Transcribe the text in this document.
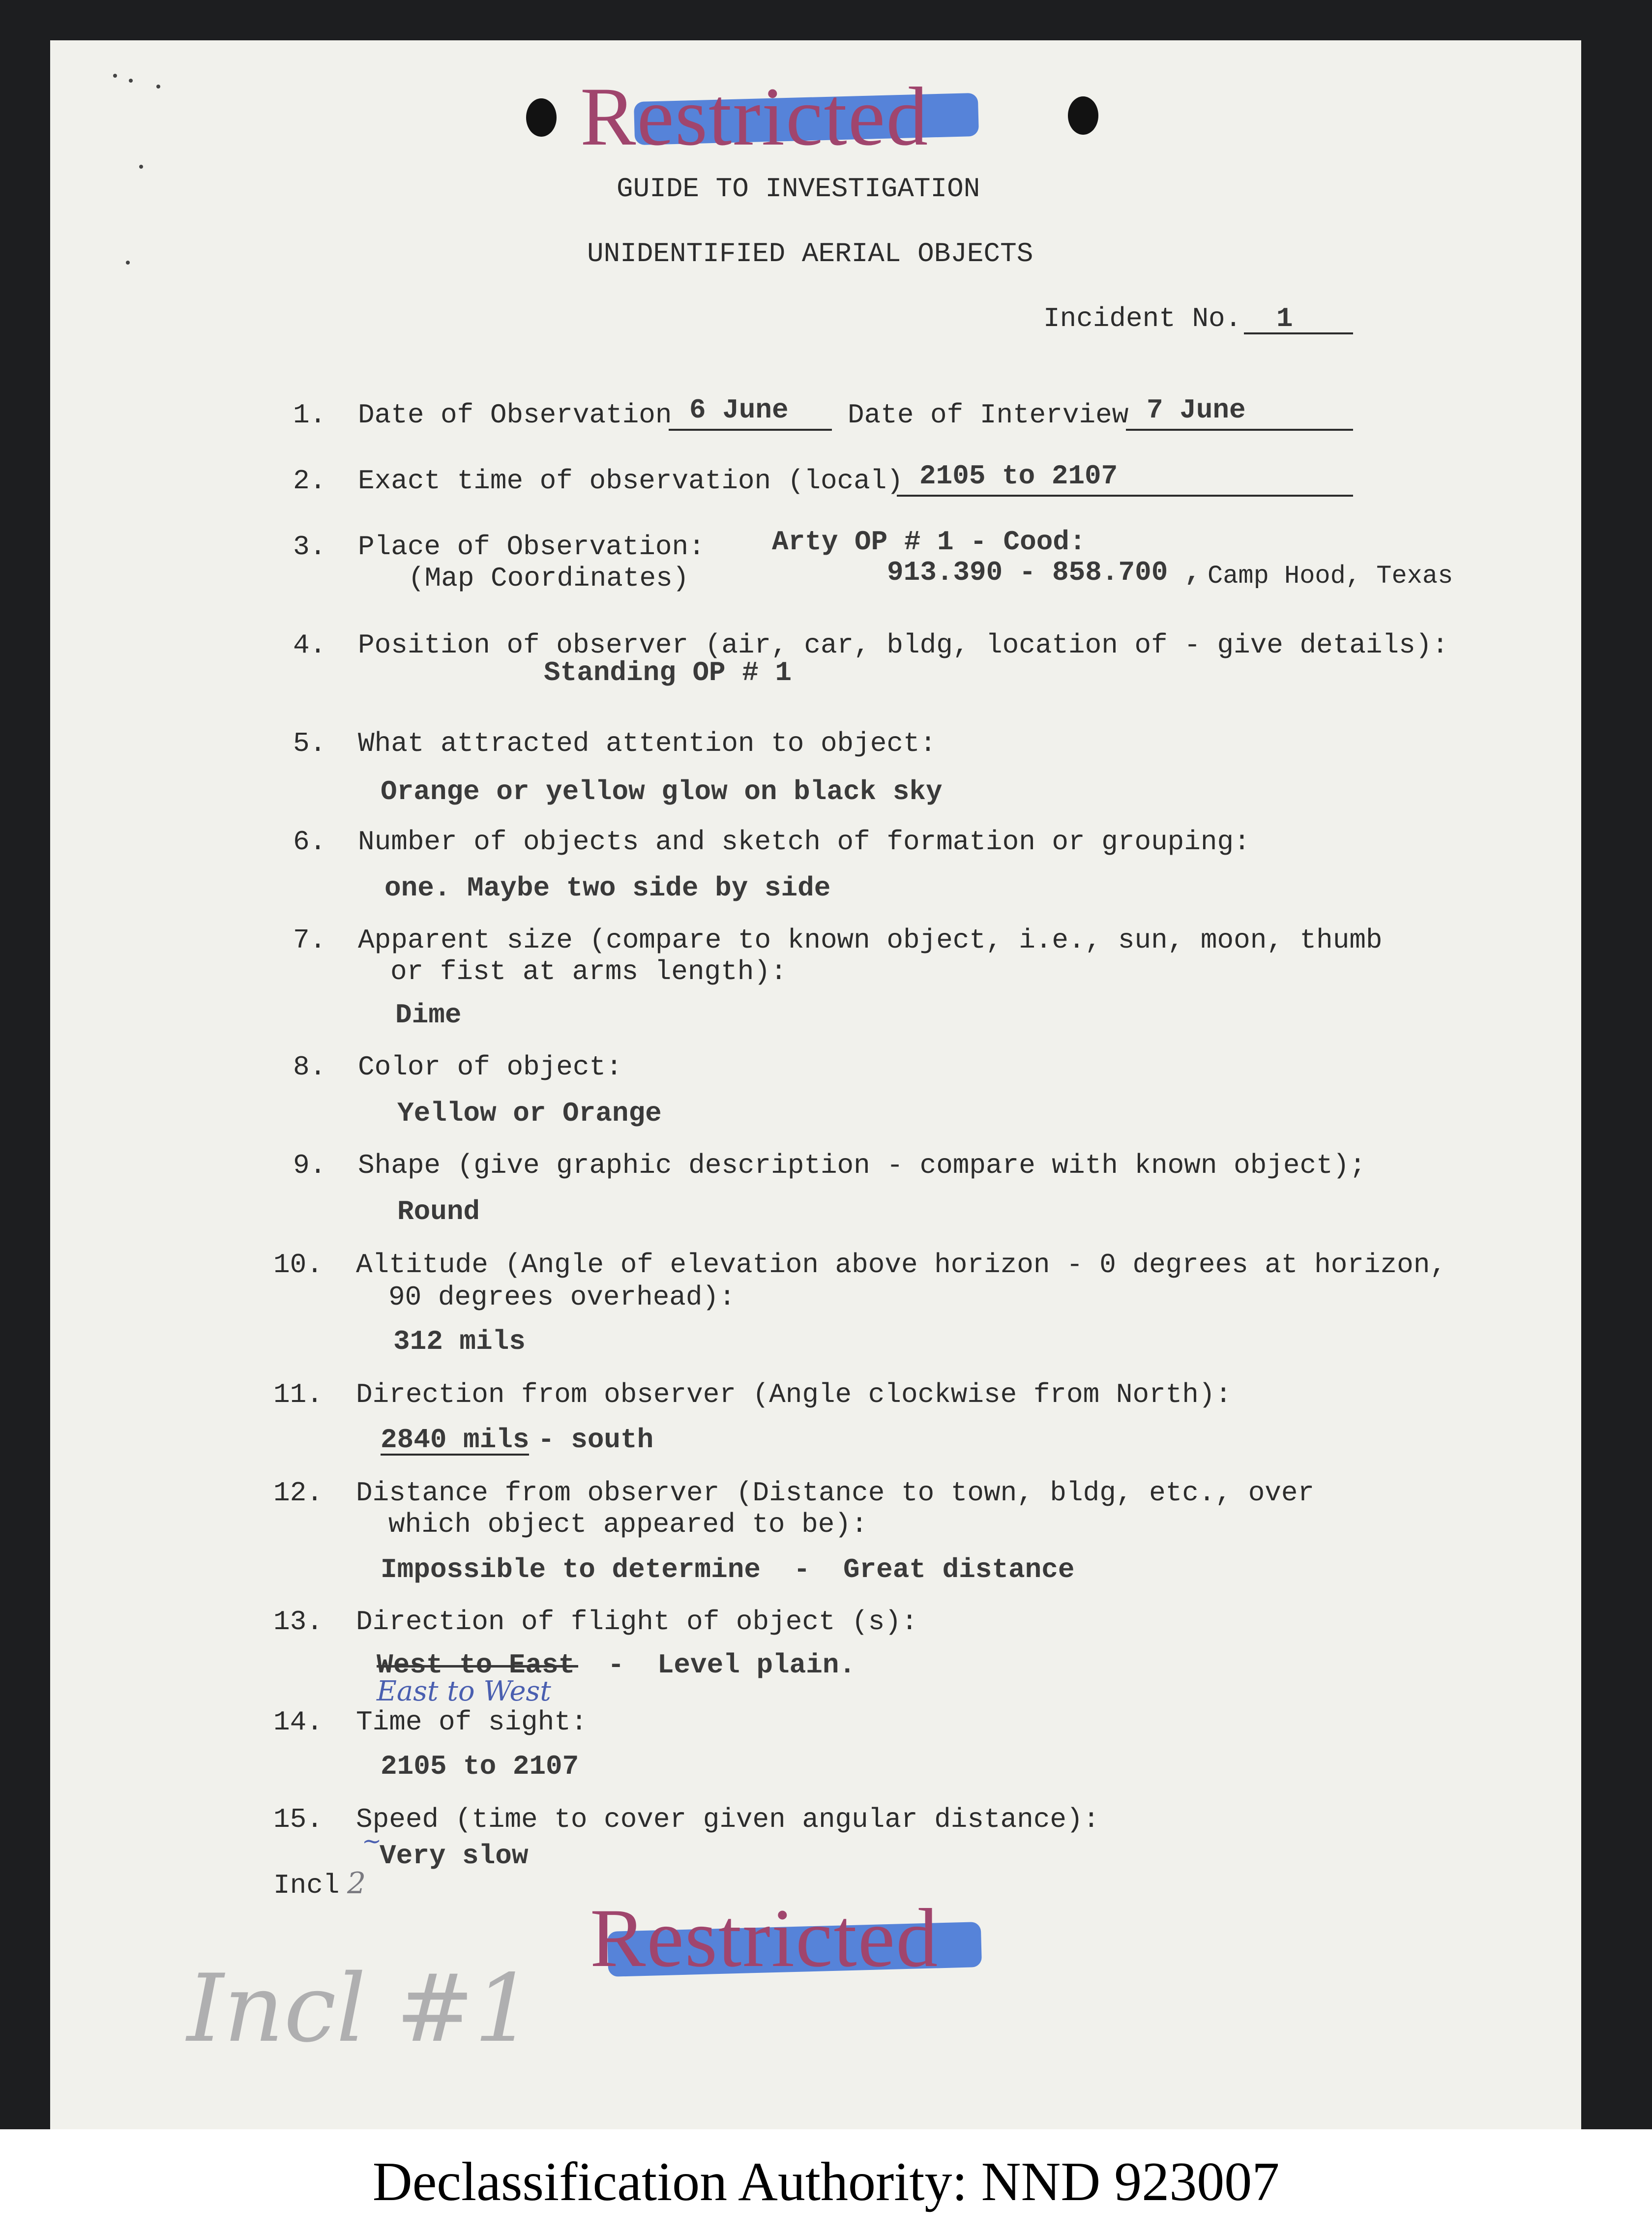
Restricted
GUIDE TO INVESTIGATION
UNIDENTIFIED AERIAL OBJECTS
Incident No. 1
1. Date of Observation 6 June Date of Interview 7 June
2. Exact time of observation (local) 2105 to 2107
3. Place of Observation:
(Map Coordinates)
Arty OP # 1 - Cood:
913.390 - 858.700 , Camp Hood, Texas
4. Position of observer (air, car, bldg, location of - give details):
Standing OP # 1
5. What attracted attention to object:
Orange or yellow glow on black sky
6. Number of objects and sketch of formation or grouping:
one. Maybe two side by side
7. Apparent size (compare to known object, i.e., sun, moon, thumb
or fist at arms length):
Dime
8. Color of object:
Yellow or Orange
9. Shape (give graphic description - compare with known object);
Round
10. Altitude (Angle of elevation above horizon - 0 degrees at horizon,
90 degrees overhead):
312 mils
11. Direction from observer (Angle clockwise from North):
2840 mils - south
12. Distance from observer (Distance to town, bldg, etc., over
which object appeared to be):
Impossible to determine  -  Great distance
13. Direction of flight of object (s):
West to East -  Level plain.
East to West
14. Time of sight:
2105 to 2107
15. Speed (time to cover given angular distance):
~
Very slow
Incl 2
Restricted
Incl #1
Declassification Authority: NND 923007
